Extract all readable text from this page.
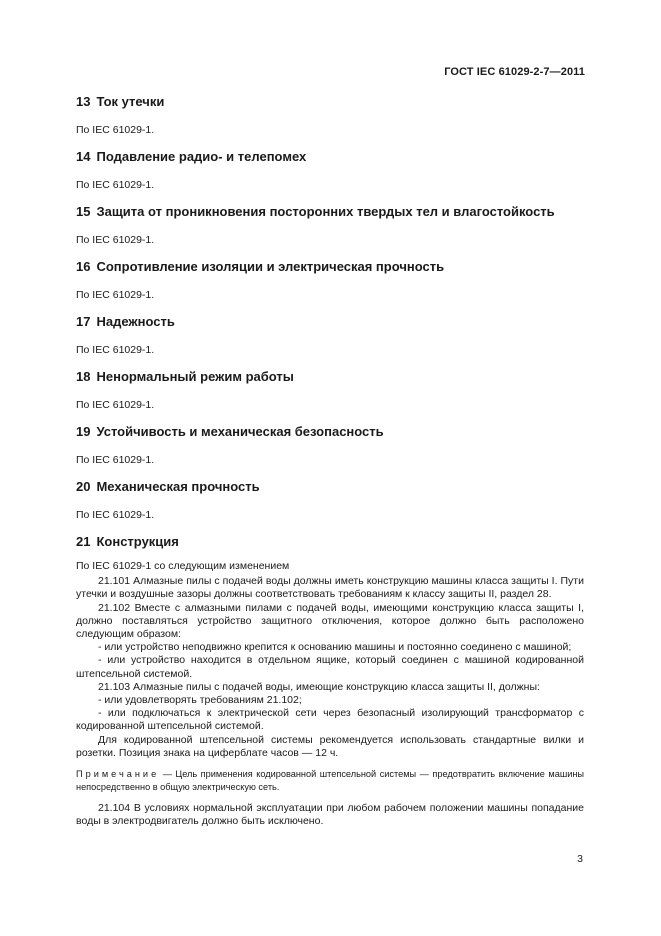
ГОСТ IEC 61029-2-7—2011

13 Ток утечки

По IEC 61029-1.

14 Подавление радио- и телепомех

По IEC 61029-1.

15 Защита от проникновения посторонних твердых тел и влагостойкость

По IEC 61029-1.

16 Сопротивление изоляции и электрическая прочность

По IEC 61029-1.

17 Надежность

По IEC 61029-1.

18 Ненормальный режим работы

По IEC 61029-1.

19 Устойчивость и механическая безопасность

По IEC 61029-1.

20 Механическая прочность

По IEC 61029-1.

21 Конструкция

По IEC 61029-1 со следующим изменением

21.101 Алмазные пилы с подачей воды должны иметь конструкцию машины класса защиты I. Пути утечки и воздушные зазоры должны соответствовать требованиям к классу защиты II, раздел 28.

21.102 Вместе с алмазными пилами с подачей воды, имеющими конструкцию класса защиты I, должно поставляться устройство защитного отключения, которое должно быть расположено следующим образом:

- или устройство неподвижно крепится к основанию машины и постоянно соединено с машиной;

- или устройство находится в отдельном ящике, который соединен с машиной кодированной штепсельной системой.

21.103 Алмазные пилы с подачей воды, имеющие конструкцию класса защиты II, должны:

- или удовлетворять требованиям 21.102;

- или подключаться к электрической сети через безопасный изолирующий трансформатор с кодированной штепсельной системой.

Для кодированной штепсельной системы рекомендуется использовать стандартные вилки и розетки. Позиция знака на циферблате часов — 12 ч.

Примечание — Цель применения кодированной штепсельной системы — предотвратить включение машины непосредственно в общую электрическую сеть.

21.104 В условиях нормальной эксплуатации при любом рабочем положении машины попадание воды в электродвигатель должно быть исключено.

3
